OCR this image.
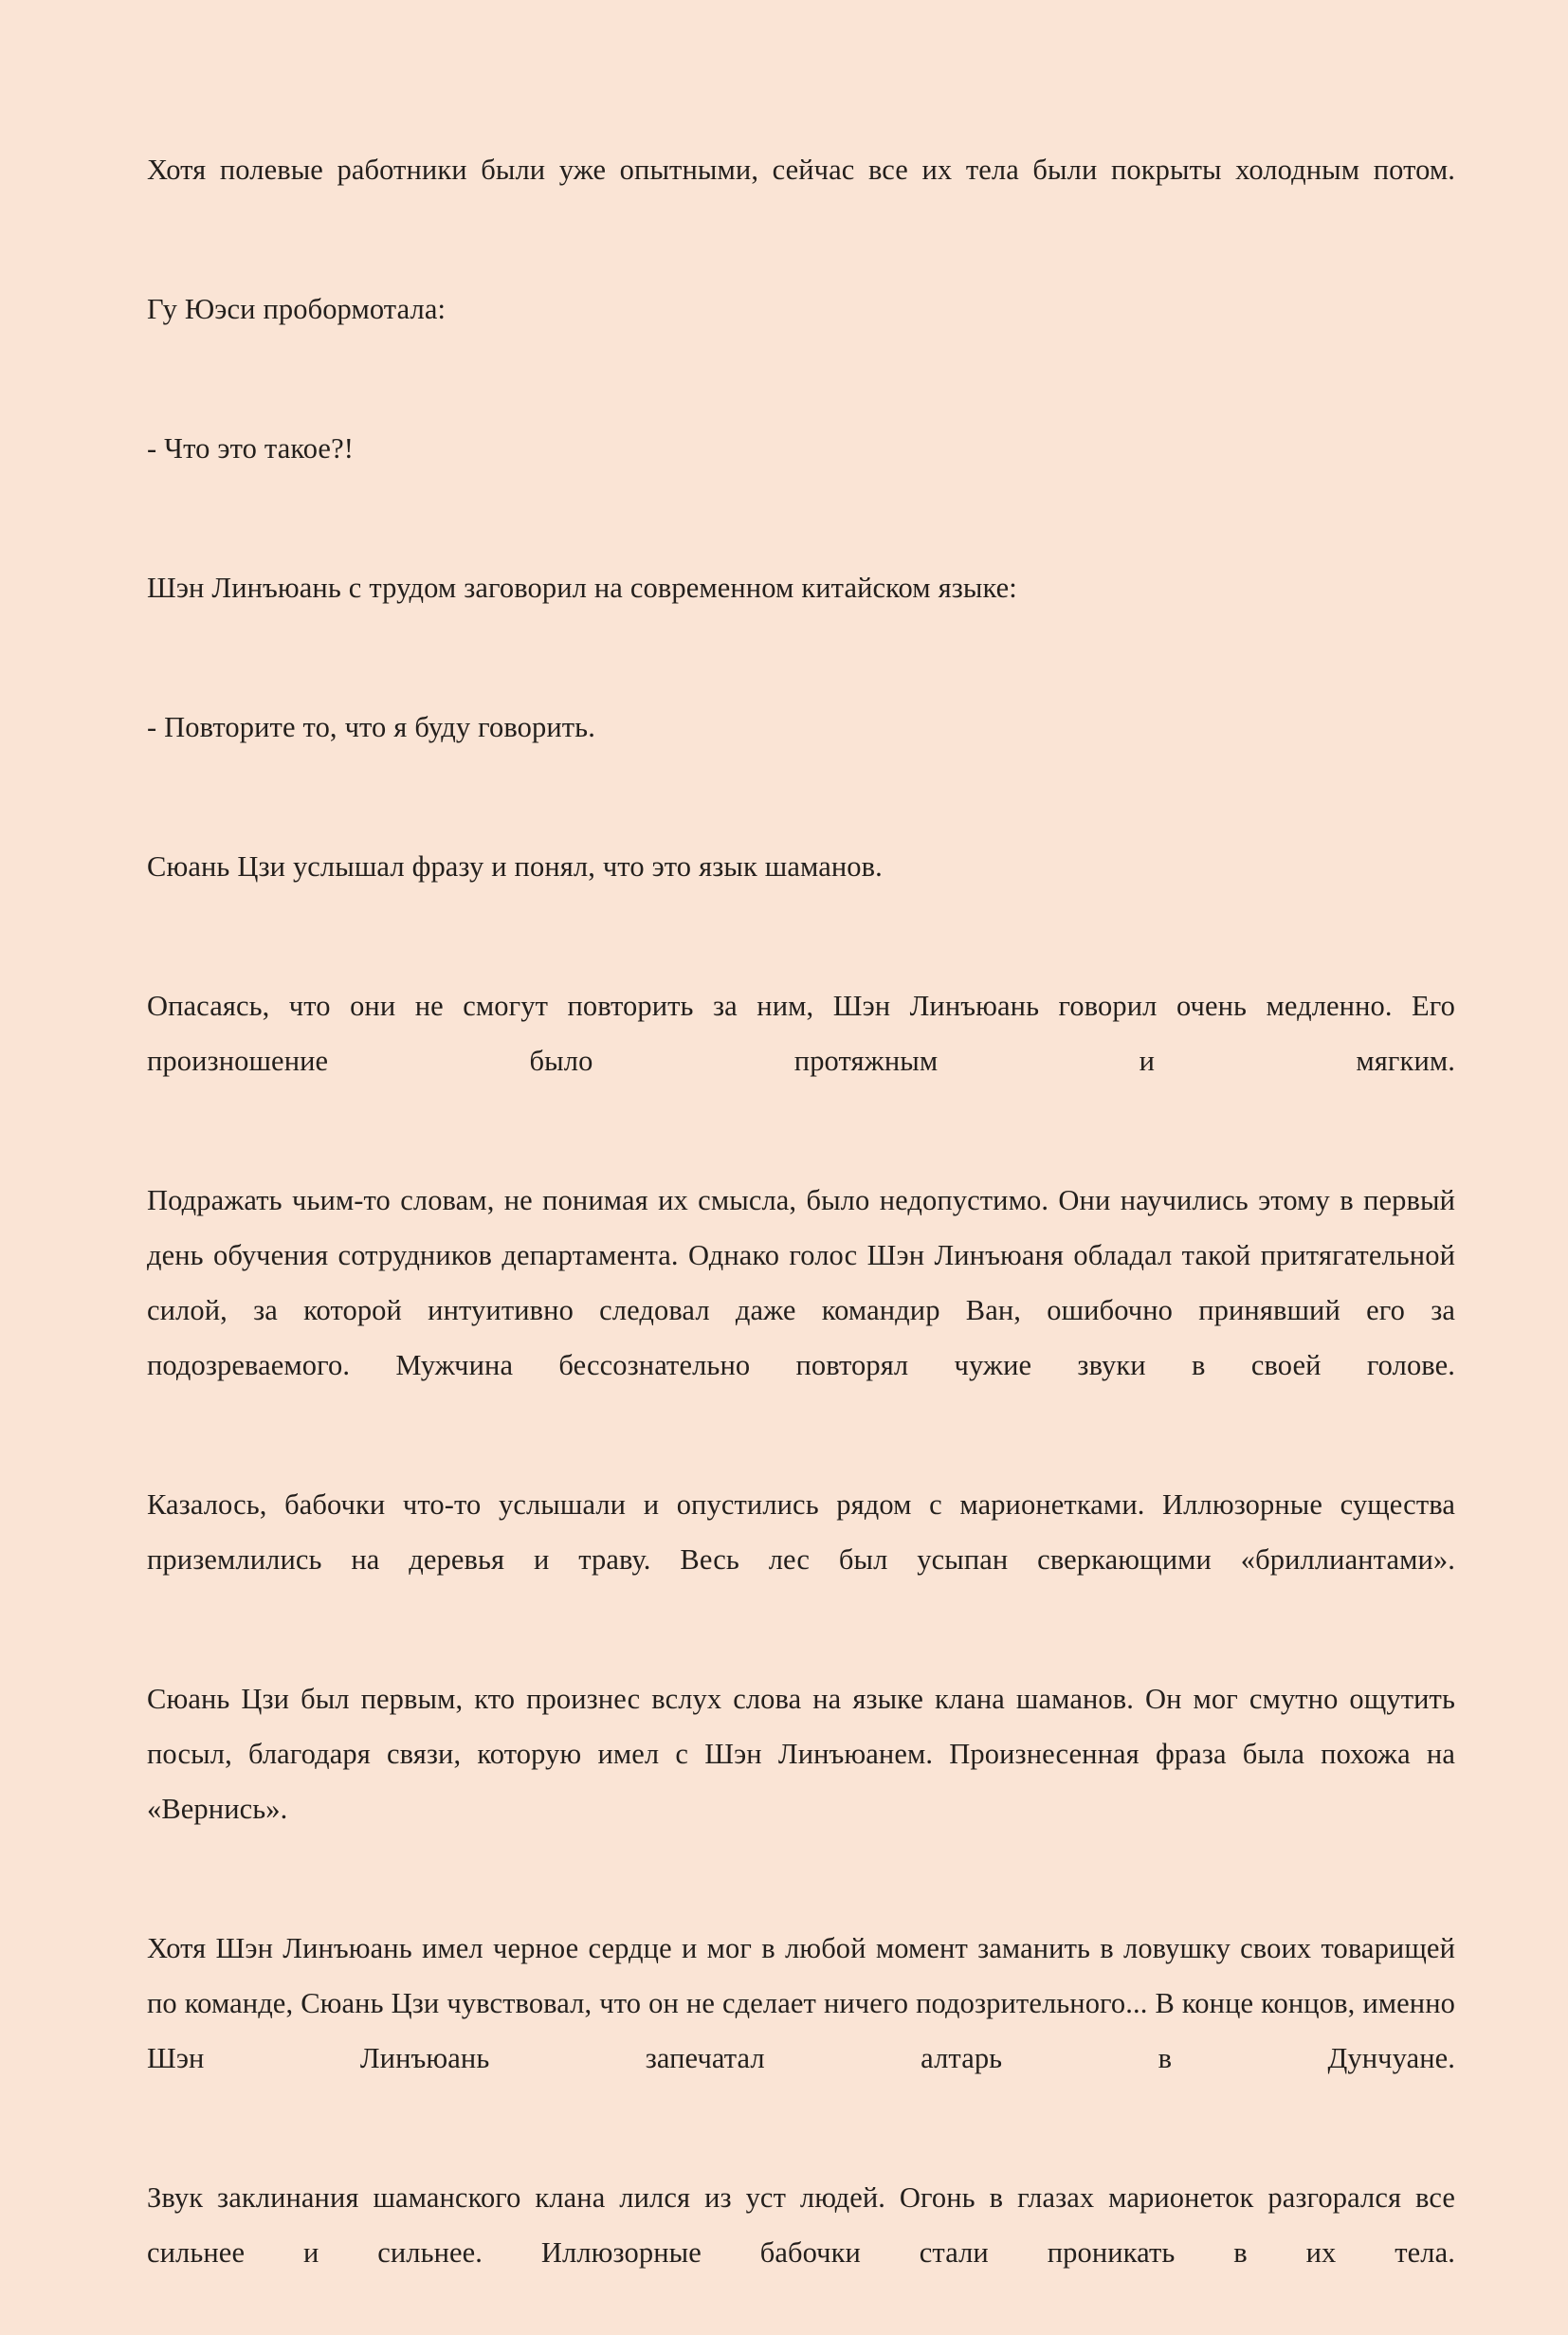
Хотя полевые работники были уже опытными, сейчас все их тела были покрыты холодным потом.

Гу Юэси пробормотала:

- Что это такое?!

Шэн Линъюань с трудом заговорил на современном китайском языке:

- Повторите то, что я буду говорить.

Сюань Цзи услышал фразу и понял, что это язык шаманов.

Опасаясь, что они не смогут повторить за ним, Шэн Линъюань говорил очень медленно. Его произношение было протяжным и мягким.

Подражать чьим-то словам, не понимая их смысла, было недопустимо. Они научились этому в первый день обучения сотрудников департамента. Однако голос Шэн Линъюаня обладал такой притягательной силой, за которой интуитивно следовал даже командир Ван, ошибочно принявший его за подозреваемого. Мужчина бессознательно повторял чужие звуки в своей голове.

Казалось, бабочки что-то услышали и опустились рядом с марионетками. Иллюзорные существа приземлились на деревья и траву. Весь лес был усыпан сверкающими «бриллиантами».

Сюань Цзи был первым, кто произнес вслух слова на языке клана шаманов. Он мог смутно ощутить посыл, благодаря связи, которую имел с Шэн Линъюанем. Произнесенная фраза была похожа на «Вернись».

Хотя Шэн Линъюань имел черное сердце и мог в любой момент заманить в ловушку своих товарищей по команде, Сюань Цзи чувствовал, что он не сделает ничего подозрительного... В конце концов, именно Шэн Линъюань запечатал алтарь в Дунчуане.

Звук заклинания шаманского клана лился из уст людей. Огонь в глазах марионеток разгорался все сильнее и сильнее. Иллюзорные бабочки стали проникать в их тела.
